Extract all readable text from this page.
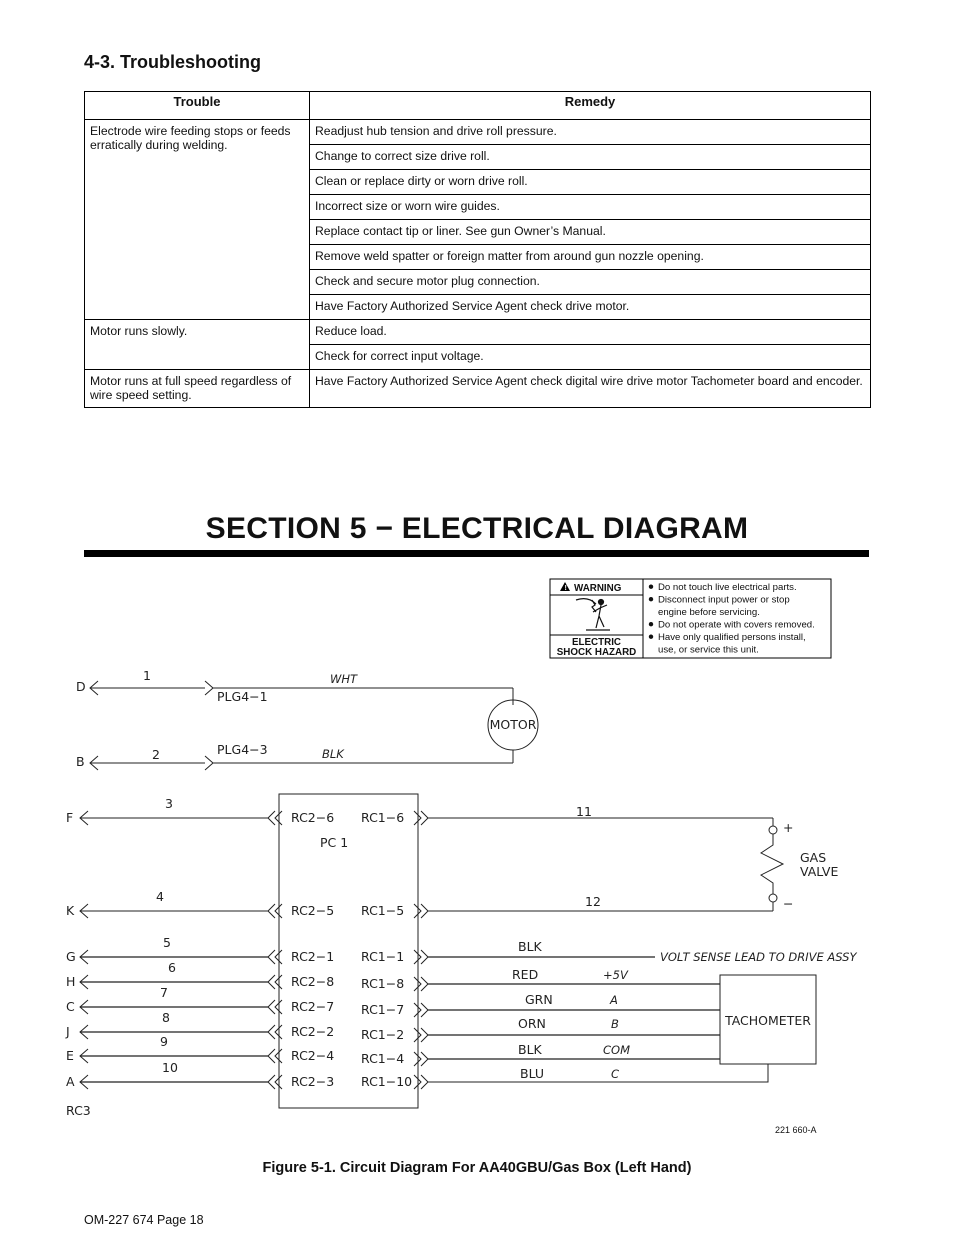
4-3. Troubleshooting
Trouble	Remedy
Electrode wire feeding stops or feeds erratically during welding.	Readjust hub tension and drive roll pressure.
	Change to correct size drive roll.
	Clean or replace dirty or worn drive roll.
	Incorrect size or worn wire guides.
	Replace contact tip or liner. See gun Owner’s Manual.
	Remove weld spatter or foreign matter from around gun nozzle opening.
	Check and secure motor plug connection.
	Have Factory Authorized Service Agent check drive motor.
Motor runs slowly.	Reduce load.
	Check for correct input voltage.
Motor runs at full speed regardless of wire speed setting.	Have Factory Authorized Service Agent check digital wire drive motor Tachometer board and encoder.
SECTION 5 − ELECTRICAL DIAGRAM
! WARNING
ELECTRIC
SHOCK HAZARD
Do not touch live electrical parts.
Disconnect input power or stop
engine before servicing.
Do not operate with covers removed.
Have only qualified persons install,
use, or service this unit.
D
B
1
2
PLG4−1
PLG4−3
WHT
BLK
MOTOR
PC 1
F
3
RC2−6
K
4
RC2−5
G
5
RC2−1
H
6
RC2−8
C
7
RC2−7
J
8
RC2−2
E
9
RC2−4
A
10
RC2−3
RC1−6	11
RC1−5
12
RC1−1
BLK
RC1−8
RED	+5V
RC1−7
GRN	A
RC1−2
ORN	B
RC1−4
BLK	COM
RC1−10
BLU	C
+
−
GAS
VALVE
VOLT SENSE LEAD TO DRIVE ASSY
TACHOMETER
RC3
221 660-A
Figure 5-1. Circuit Diagram For AA40GBU/Gas Box (Left Hand)
OM-227 674 Page 18
